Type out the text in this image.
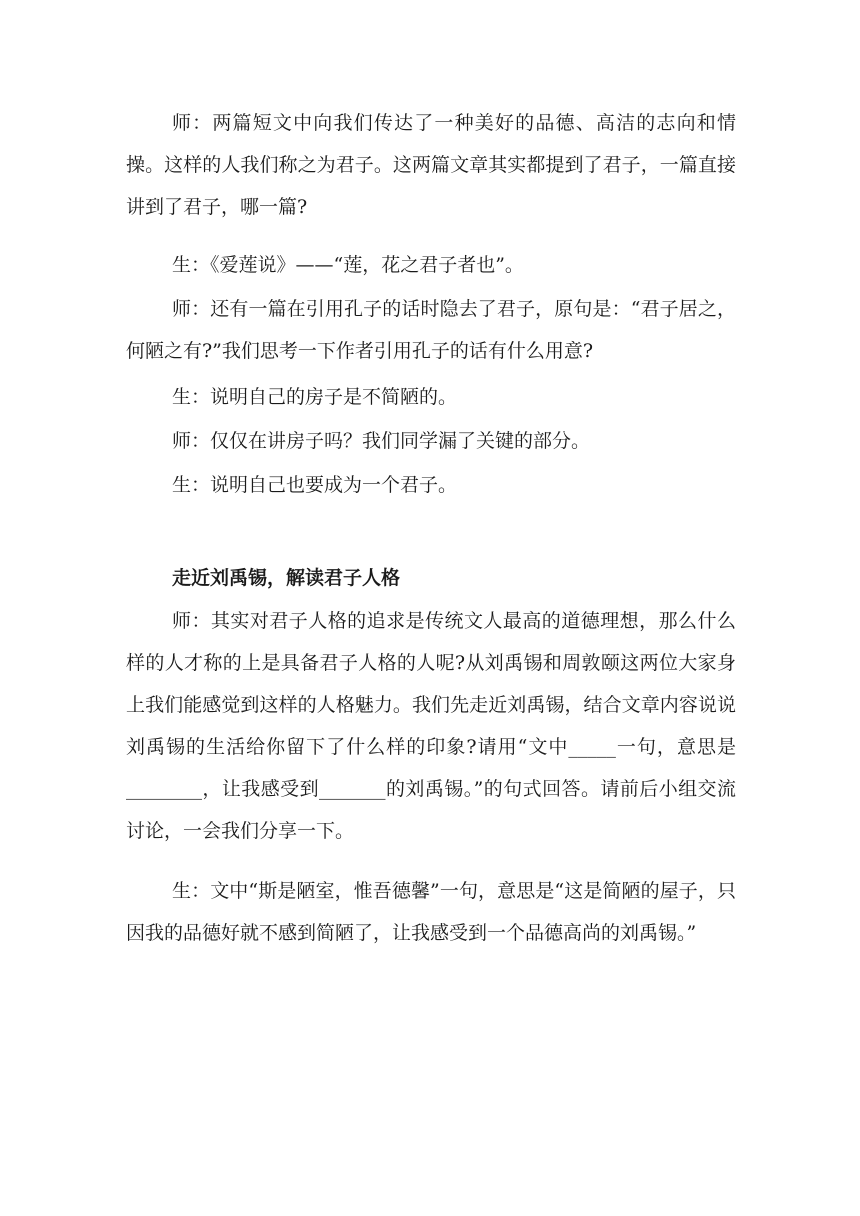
师：两篇短文中向我们传达了一种美好的品德、高洁的志向和情操。这样的人我们称之为君子。这两篇文章其实都提到了君子，一篇直接讲到了君子，哪一篇?

生：《爱莲说》——“莲，花之君子者也”。

师：还有一篇在引用孔子的话时隐去了君子，原句是：“君子居之，何陋之有?”我们思考一下作者引用孔子的话有什么用意?

生：说明自己的房子是不简陋的。

师：仅仅在讲房子吗？我们同学漏了关键的部分。

生：说明自己也要成为一个君子。

走近刘禹锡，解读君子人格

师：其实对君子人格的追求是传统文人最高的道德理想，那么什么样的人才称的上是具备君子人格的人呢?从刘禹锡和周敦颐这两位大家身上我们能感觉到这样的人格魅力。我们先走近刘禹锡，结合文章内容说说刘禹锡的生活给你留下了什么样的印象?请用“文中_____一句，意思是________，让我感受到_______的刘禹锡。”的句式回答。请前后小组交流讨论，一会我们分享一下。

生：文中“斯是陋室，惟吾德馨”一句，意思是“这是简陋的屋子，只因我的品德好就不感到简陋了，让我感受到一个品德高尚的刘禹锡。”
